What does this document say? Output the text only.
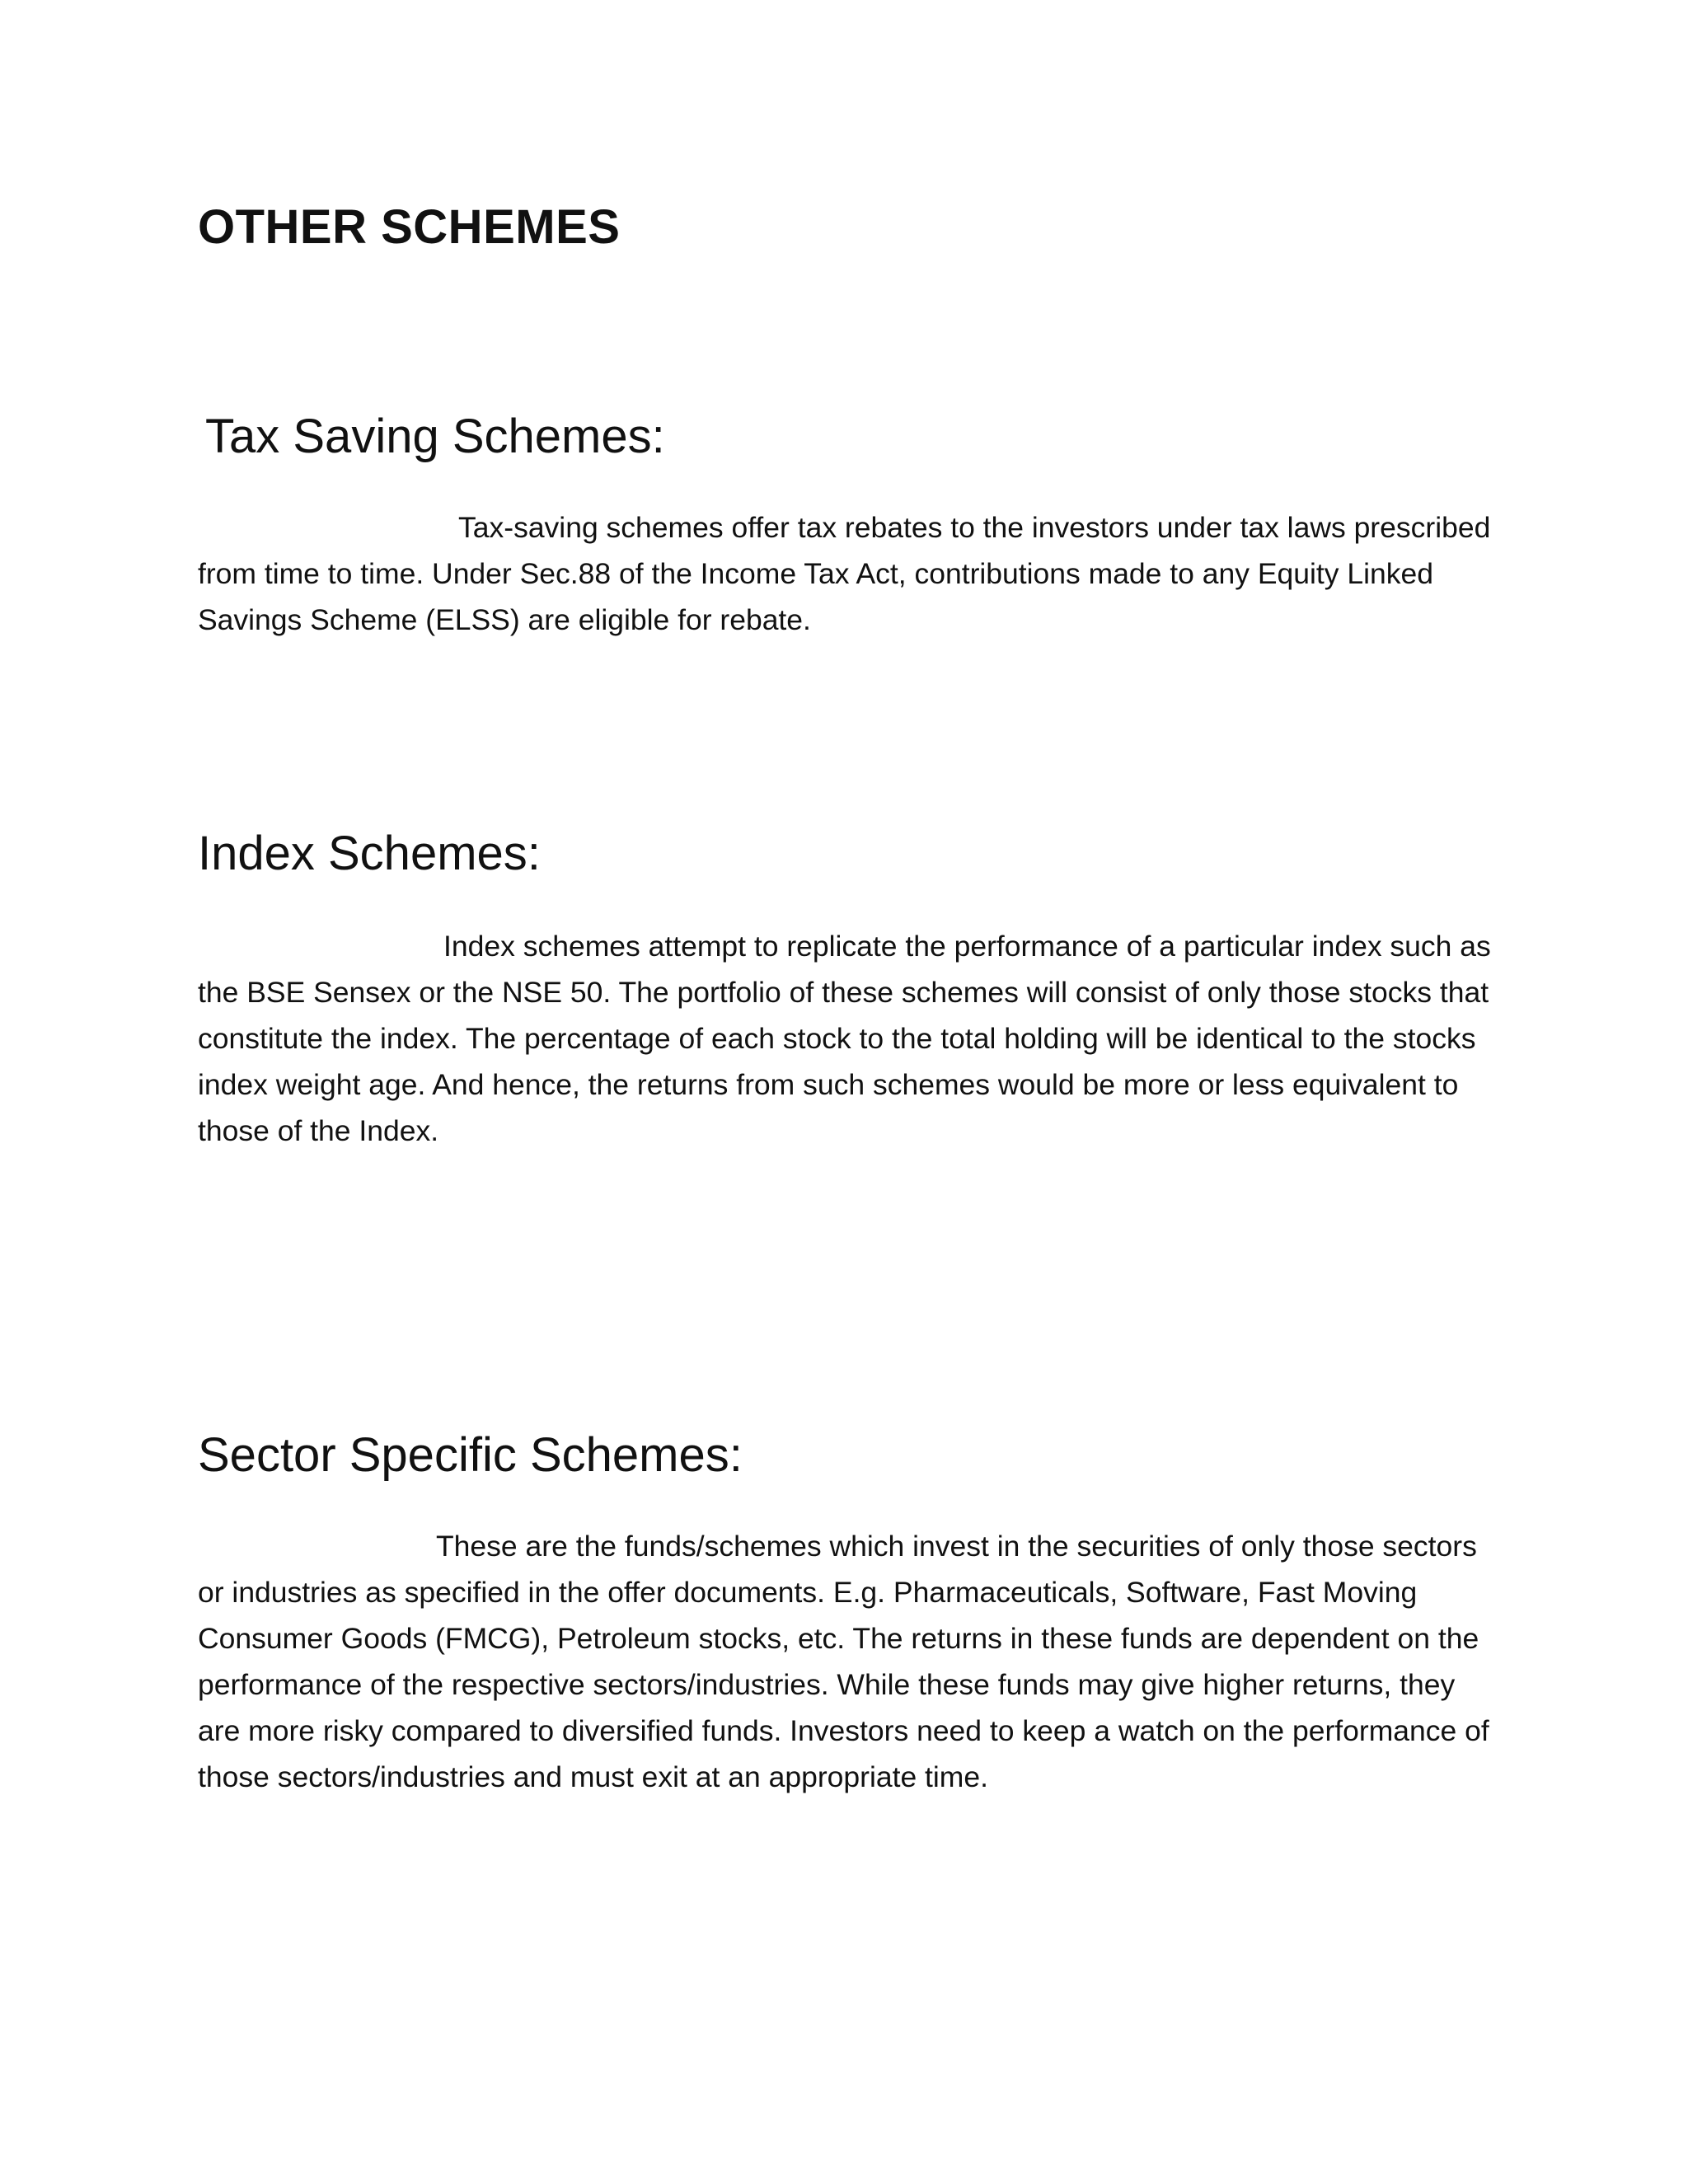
OTHER SCHEMES
Tax Saving Schemes:

Tax-saving schemes offer tax rebates to the investors under tax laws prescribed from time to time. Under Sec.88 of the Income Tax Act, contributions made to any Equity Linked Savings Scheme (ELSS) are eligible for rebate.

Index Schemes:

Index schemes attempt to replicate the performance of a particular index such as the BSE Sensex or the NSE 50. The portfolio of these schemes will consist of only those stocks that constitute the index. The percentage of each stock to the total holding will be identical to the stocks index weight age. And hence, the returns from such schemes would be more or less equivalent to those of the Index.

Sector Specific Schemes:

These are the funds/schemes which invest in the securities of only those sectors or industries as specified in the offer documents. E.g. Pharmaceuticals, Software, Fast Moving Consumer Goods (FMCG), Petroleum stocks, etc. The returns in these funds are dependent on the performance of the respective sectors/industries. While these funds may give higher returns, they are more risky compared to diversified funds. Investors need to keep a watch on the performance of those sectors/industries and must exit at an appropriate time.
